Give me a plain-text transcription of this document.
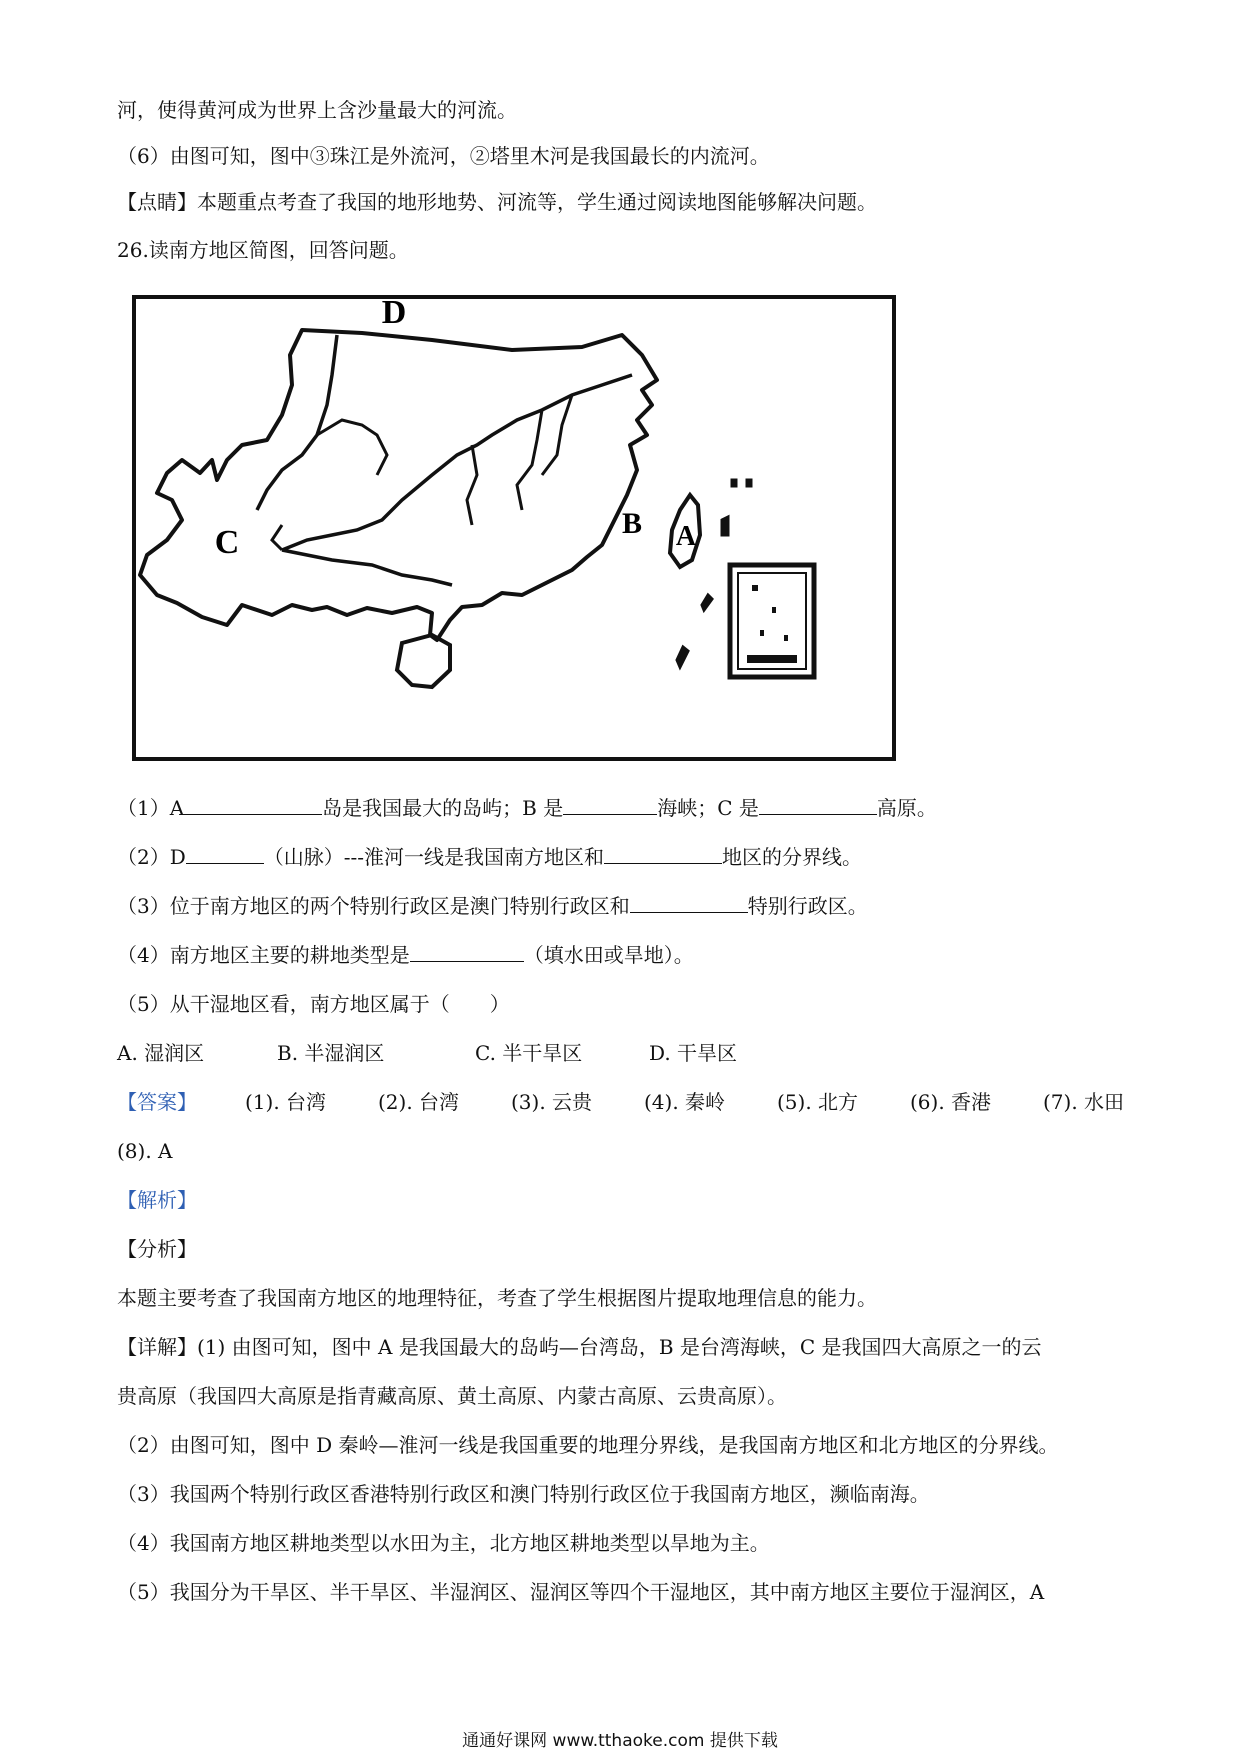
河，使得黄河成为世界上含沙量最大的河流。
（6）由图可知，图中③珠江是外流河，②塔里木河是我国最长的内流河。
【点睛】本题重点考查了我国的地形地势、河流等，学生通过阅读地图能够解决问题。
26.读南方地区简图，回答问题。
D
C
B A
（1）A	岛是我国最大的岛屿；B 是	海峡；C 是	高原。
（2）D	（山脉）---淮河一线是我国南方地区和	地区的分界线。
（3）位于南方地区的两个特别行政区是澳门特别行政区和	特别行政区。
（4）南方地区主要的耕地类型是	（填水田或旱地）。
（5）从干湿地区看，南方地区属于（　　）
A. 湿润区	B. 半湿润区	C. 半干旱区	D. 干旱区
【答案】 (1). 台湾	(2). 台湾	(3). 云贵	(4). 秦岭	(5). 北方	(6). 香港	(7). 水田
(8). A
【解析】
【分析】
本题主要考查了我国南方地区的地理特征，考查了学生根据图片提取地理信息的能力。
【详解】(1) 由图可知，图中 A 是我国最大的岛屿—台湾岛，B 是台湾海峡，C 是我国四大高原之一的云
贵高原（我国四大高原是指青藏高原、黄土高原、内蒙古高原、云贵高原）。
（2）由图可知，图中 D 秦岭—淮河一线是我国重要的地理分界线，是我国南方地区和北方地区的分界线。
（3）我国两个特别行政区香港特别行政区和澳门特别行政区位于我国南方地区，濒临南海。
（4）我国南方地区耕地类型以水田为主，北方地区耕地类型以旱地为主。
（5）我国分为干旱区、半干旱区、半湿润区、湿润区等四个干湿地区，其中南方地区主要位于湿润区，A
通通好课网 www.tthaoke.com 提供下载
